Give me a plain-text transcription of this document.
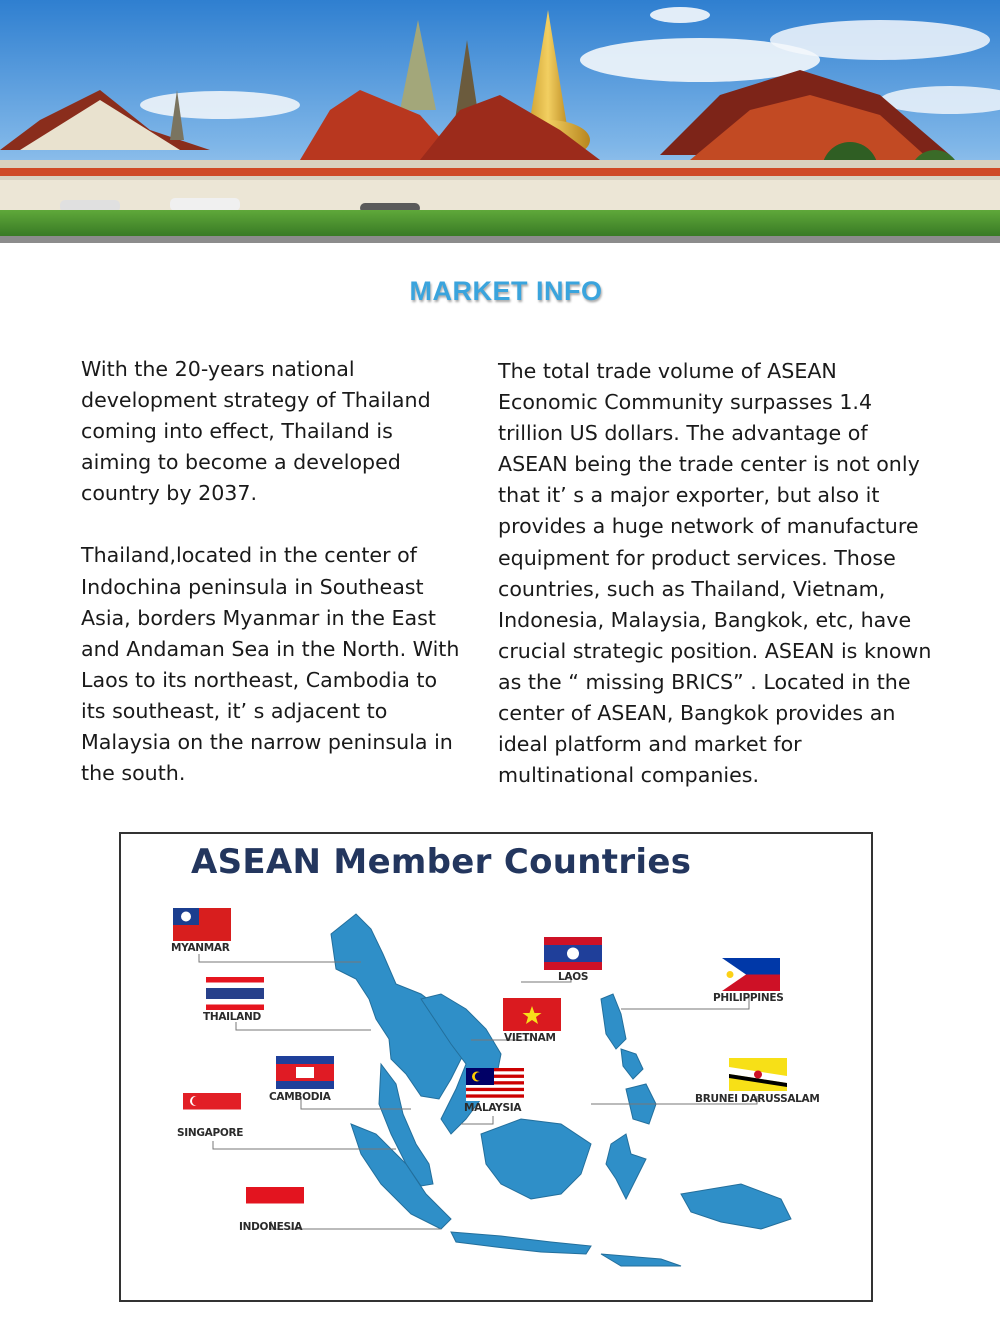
MARKET INFO

With the 20-years national
development strategy of Thailand
coming into effect, Thailand is
aiming to become a developed
country by 2037.

Thailand,located in the center of
Indochina peninsula in Southeast
Asia, borders Myanmar in the East
and Andaman Sea in the North. With
Laos to its northeast, Cambodia to
its southeast, it’ s adjacent to
Malaysia on the narrow peninsula in
the south.

The total trade volume of ASEAN
Economic Community surpasses 1.4
trillion US dollars. The advantage of
ASEAN being the trade center is not only
that it’ s a major exporter, but also it
provides a huge network of manufacture
equipment for product services. Those
countries, such as Thailand, Vietnam,
Indonesia, Malaysia, Bangkok, etc, have
crucial strategic position. ASEAN is known
as the “ missing BRICS” . Located in the
center of ASEAN, Bangkok provides an
ideal platform and market for
multinational companies.

ASEAN Member Countries
MYANMAR
THAILAND
CAMBODIA
SINGAPORE
INDONESIA
LAOS
VIETNAM
MALAYSIA
PHILIPPINES
BRUNEI DARUSSALAM
